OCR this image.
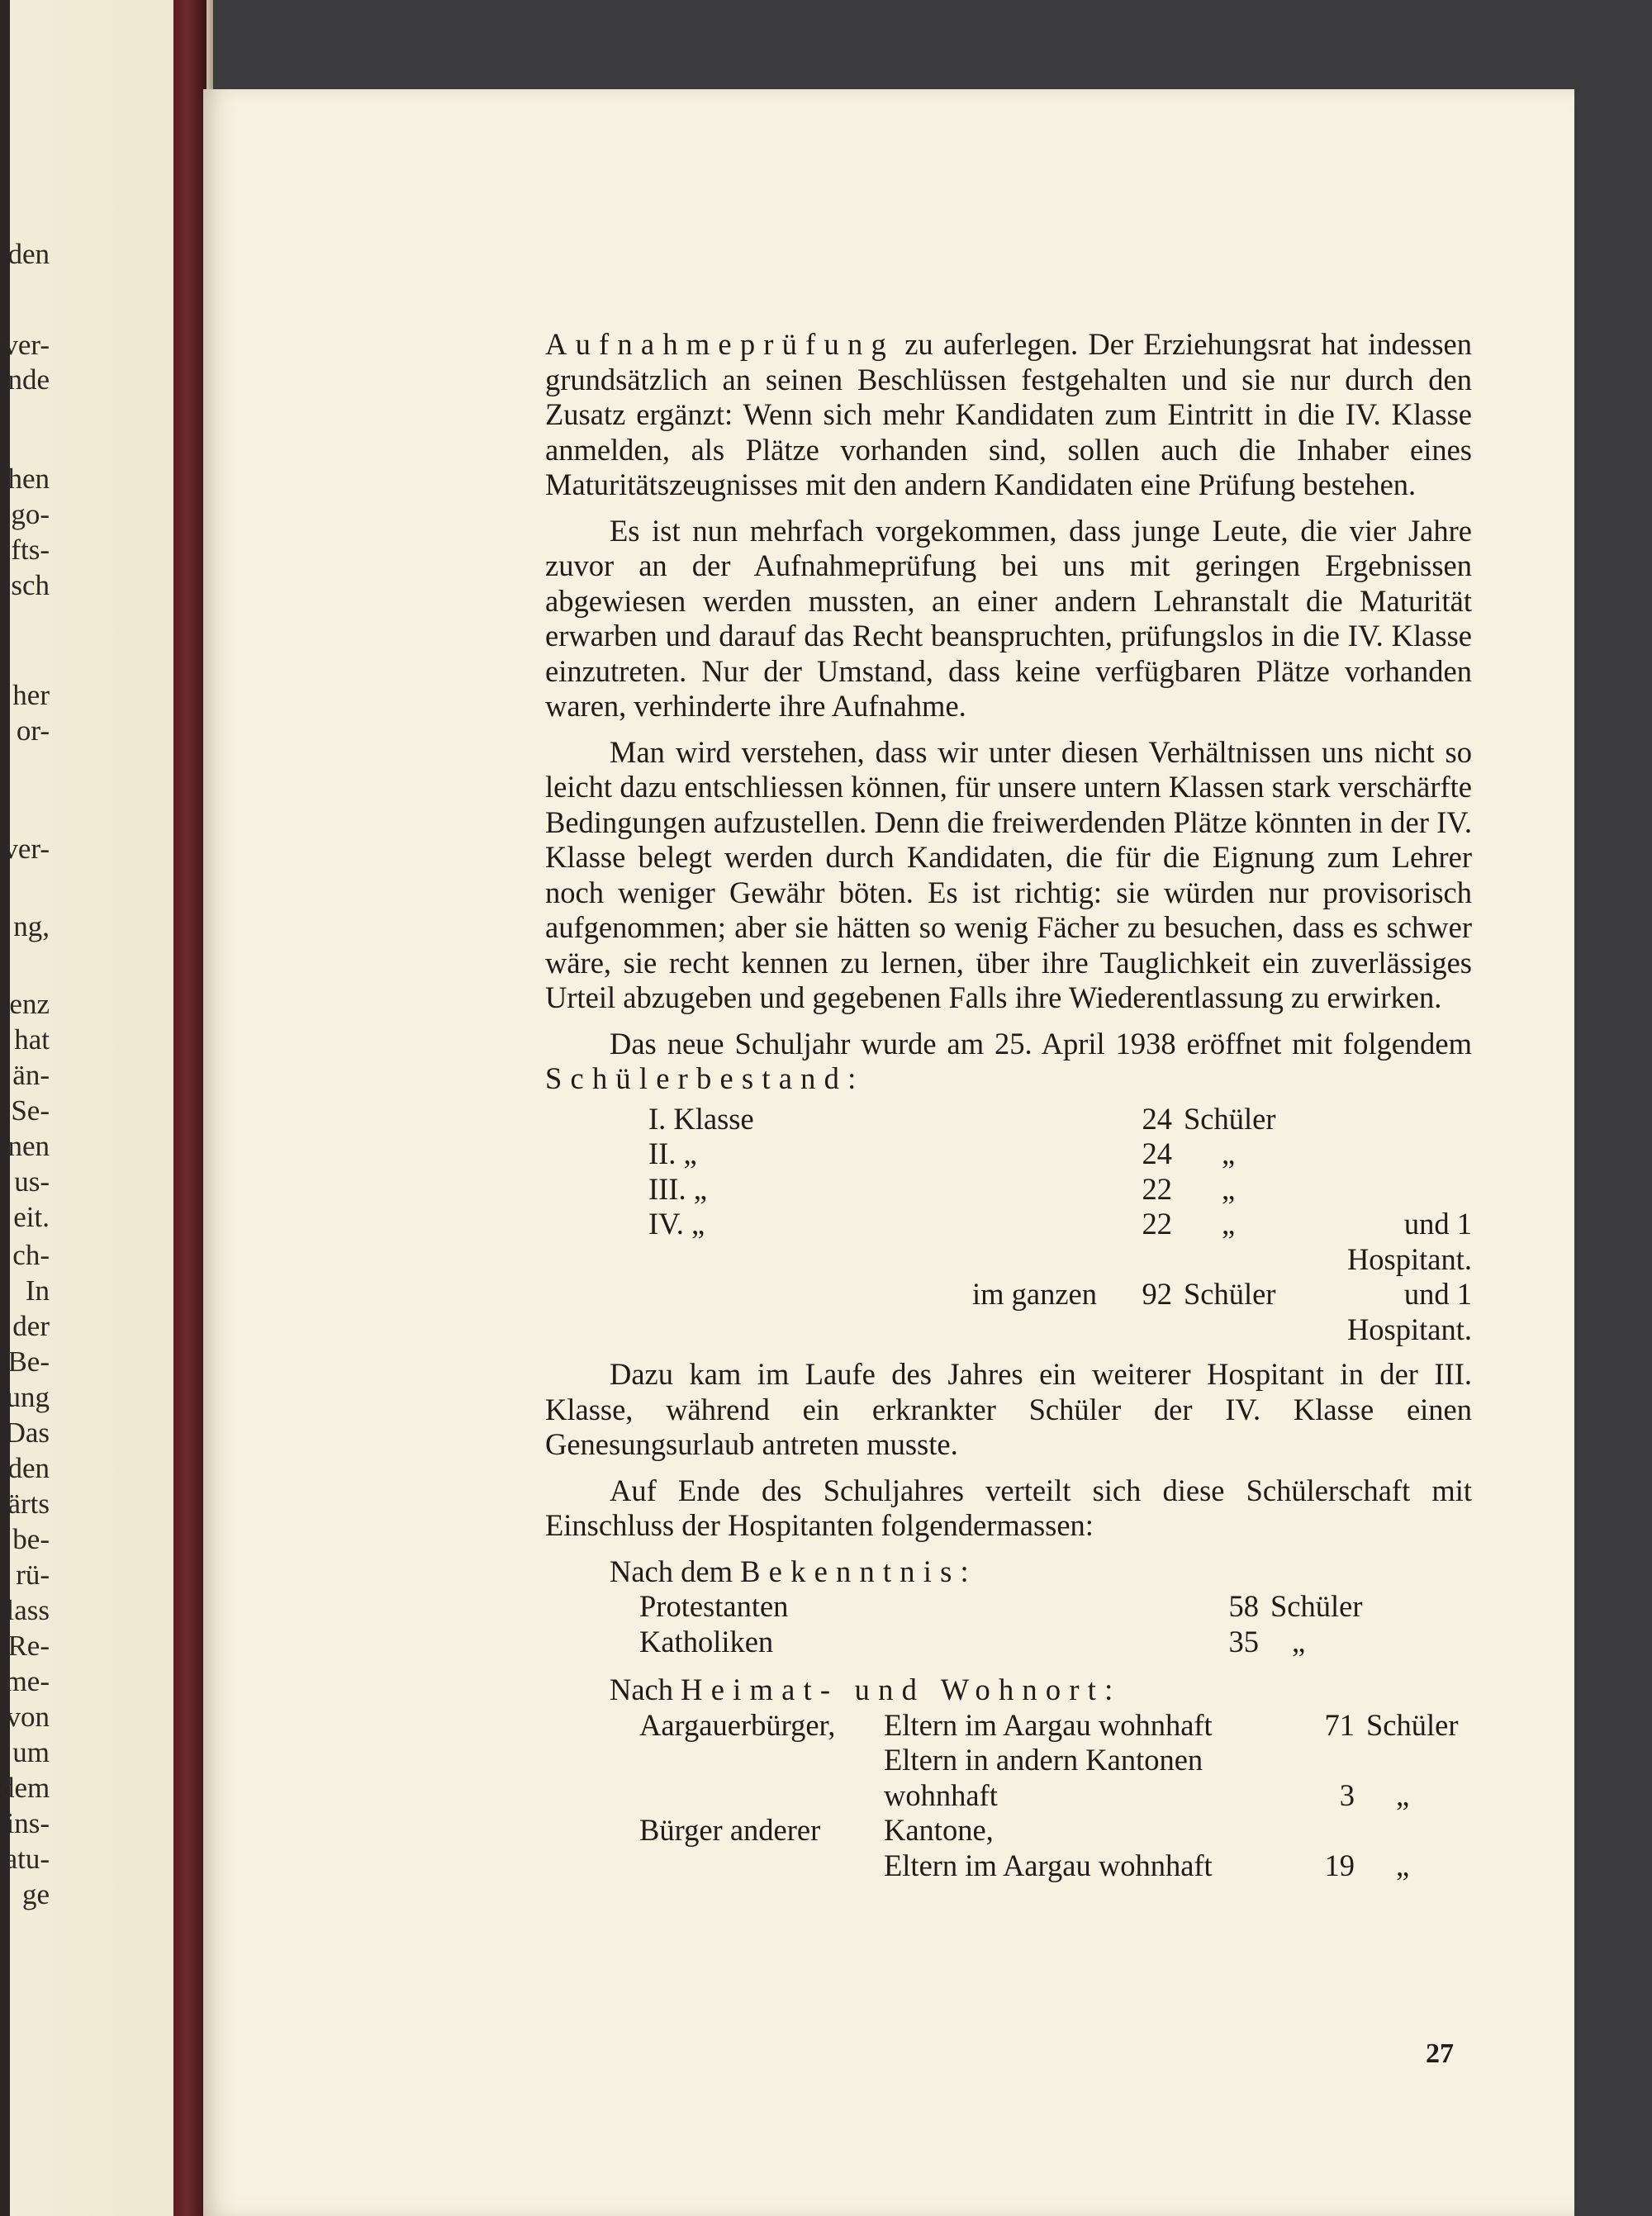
den
ver-
nde
hen
go-
fts-
sch
her
or-
ver-
ng,
enz
hat
än-
Se-
nen
us-
eit.
ch-
In
der
Be-
ung
Das
den
ärts
be-
rü-
lass
Re-
me-
von
um
dem
ins-
atu-
ge

Aufnahmeprüfung zu auferlegen. Der Erziehungsrat hat indessen grundsätzlich an seinen Beschlüssen festgehalten und sie nur durch den Zusatz ergänzt: Wenn sich mehr Kandidaten zum Eintritt in die IV. Klasse anmelden, als Plätze vorhanden sind, sollen auch die Inhaber eines Maturitätszeugnisses mit den andern Kandidaten eine Prüfung bestehen.

Es ist nun mehrfach vorgekommen, dass junge Leute, die vier Jahre zuvor an der Aufnahmeprüfung bei uns mit geringen Ergebnissen abgewiesen werden mussten, an einer andern Lehranstalt die Maturität erwarben und darauf das Recht beanspruchten, prüfungslos in die IV. Klasse einzutreten. Nur der Umstand, dass keine verfügbaren Plätze vorhanden waren, verhinderte ihre Aufnahme.

Man wird verstehen, dass wir unter diesen Verhältnissen uns nicht so leicht dazu entschliessen können, für unsere untern Klassen stark verschärfte Bedingungen aufzustellen. Denn die freiwerdenden Plätze könnten in der IV. Klasse belegt werden durch Kandidaten, die für die Eignung zum Lehrer noch weniger Gewähr böten. Es ist richtig: sie würden nur provisorisch aufgenommen; aber sie hätten so wenig Fächer zu besuchen, dass es schwer wäre, sie recht kennen zu lernen, über ihre Tauglichkeit ein zuverlässiges Urteil abzugeben und gegebenen Falls ihre Wiederentlassung zu erwirken.

Das neue Schuljahr wurde am 25. April 1938 eröffnet mit folgendem Schülerbestand:

I. Klasse		24	Schüler	
II. „		24	„	
III. „		22	„	
IV. „		22	„	und 1 Hospitant.
	im ganzen	92	Schüler	und 1 Hospitant.

Dazu kam im Laufe des Jahres ein weiterer Hospitant in der III. Klasse, während ein erkrankter Schüler der IV. Klasse einen Genesungsurlaub antreten musste.

Auf Ende des Schuljahres verteilt sich diese Schülerschaft mit Einschluss der Hospitanten folgendermassen:

Nach dem Bekenntnis:
Protestanten	58	Schüler
Katholiken	35	„
Nach Heimat- und Wohnort:
Aargauerbürger,	Eltern im Aargau wohnhaft	71	Schüler
	Eltern in andern Kantonen		
	wohnhaft	3	„
Bürger anderer	Kantone,		
	Eltern im Aargau wohnhaft	19	„
27
